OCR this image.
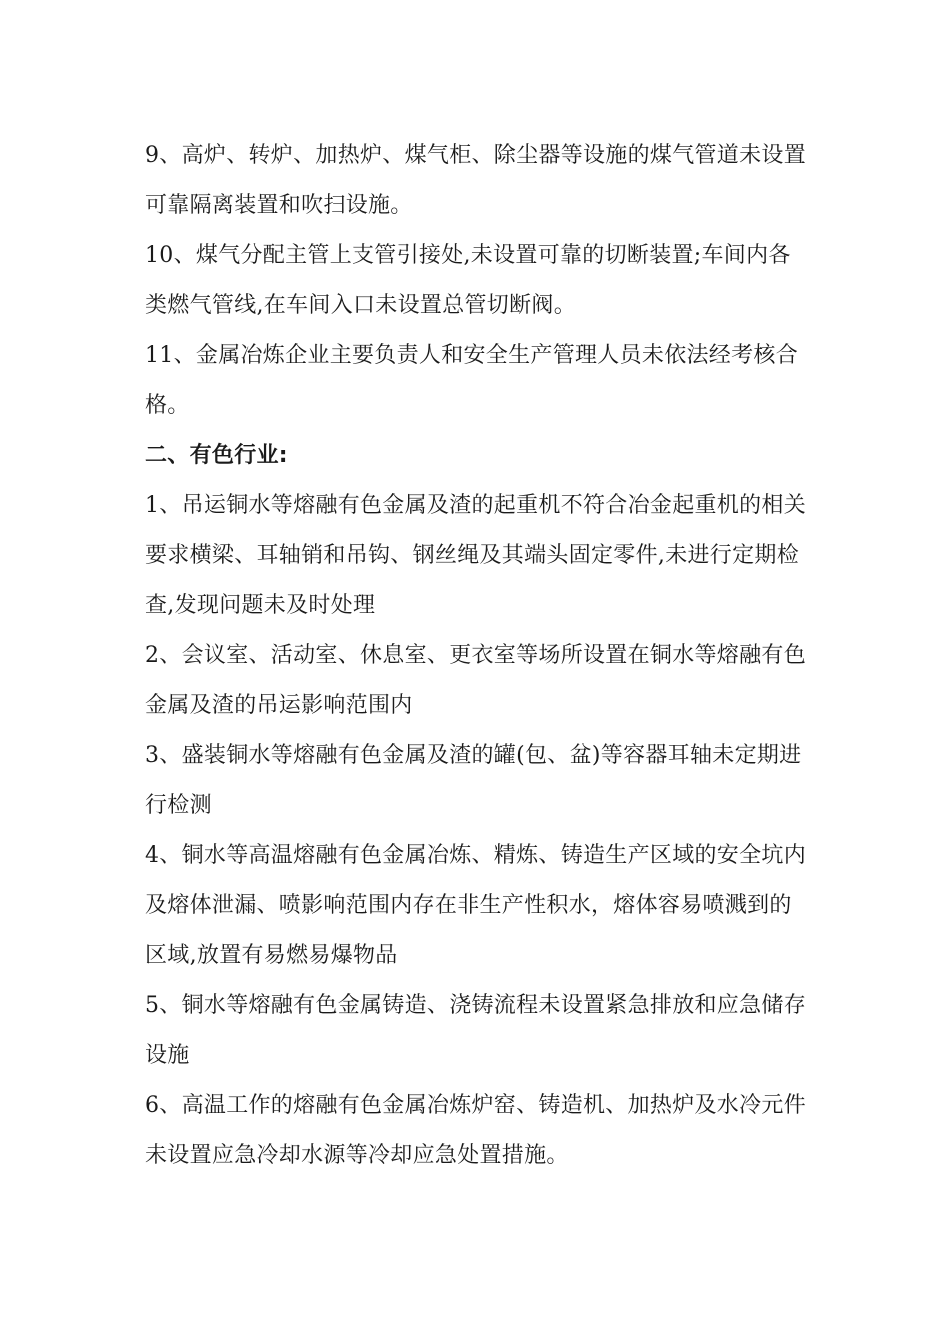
9、高炉、转炉、加热炉、煤气柜、除尘器等设施的煤气管道未设置
可靠隔离装置和吹扫设施。

10、煤气分配主管上支管引接处,未设置可靠的切断装置;车间内各
类燃气管线,在车间入口未设置总管切断阀。

11、金属冶炼企业主要负责人和安全生产管理人员未依法经考核合
格。

二、有色行业:

1、吊运铜水等熔融有色金属及渣的起重机不符合冶金起重机的相关
要求横梁、耳轴销和吊钩、钢丝绳及其端头固定零件,未进行定期检
查,发现问题未及时处理

2、会议室、活动室、休息室、更衣室等场所设置在铜水等熔融有色
金属及渣的吊运影响范围内

3、盛装铜水等熔融有色金属及渣的罐(包、盆)等容器耳轴未定期进
行检测

4、铜水等高温熔融有色金属冶炼、精炼、铸造生产区域的安全坑内
及熔体泄漏、喷影响范围内存在非生产性积水，熔体容易喷溅到的
区域,放置有易燃易爆物品

5、铜水等熔融有色金属铸造、浇铸流程未设置紧急排放和应急储存
设施

6、高温工作的熔融有色金属冶炼炉窑、铸造机、加热炉及水冷元件
未设置应急冷却水源等冷却应急处置措施。
